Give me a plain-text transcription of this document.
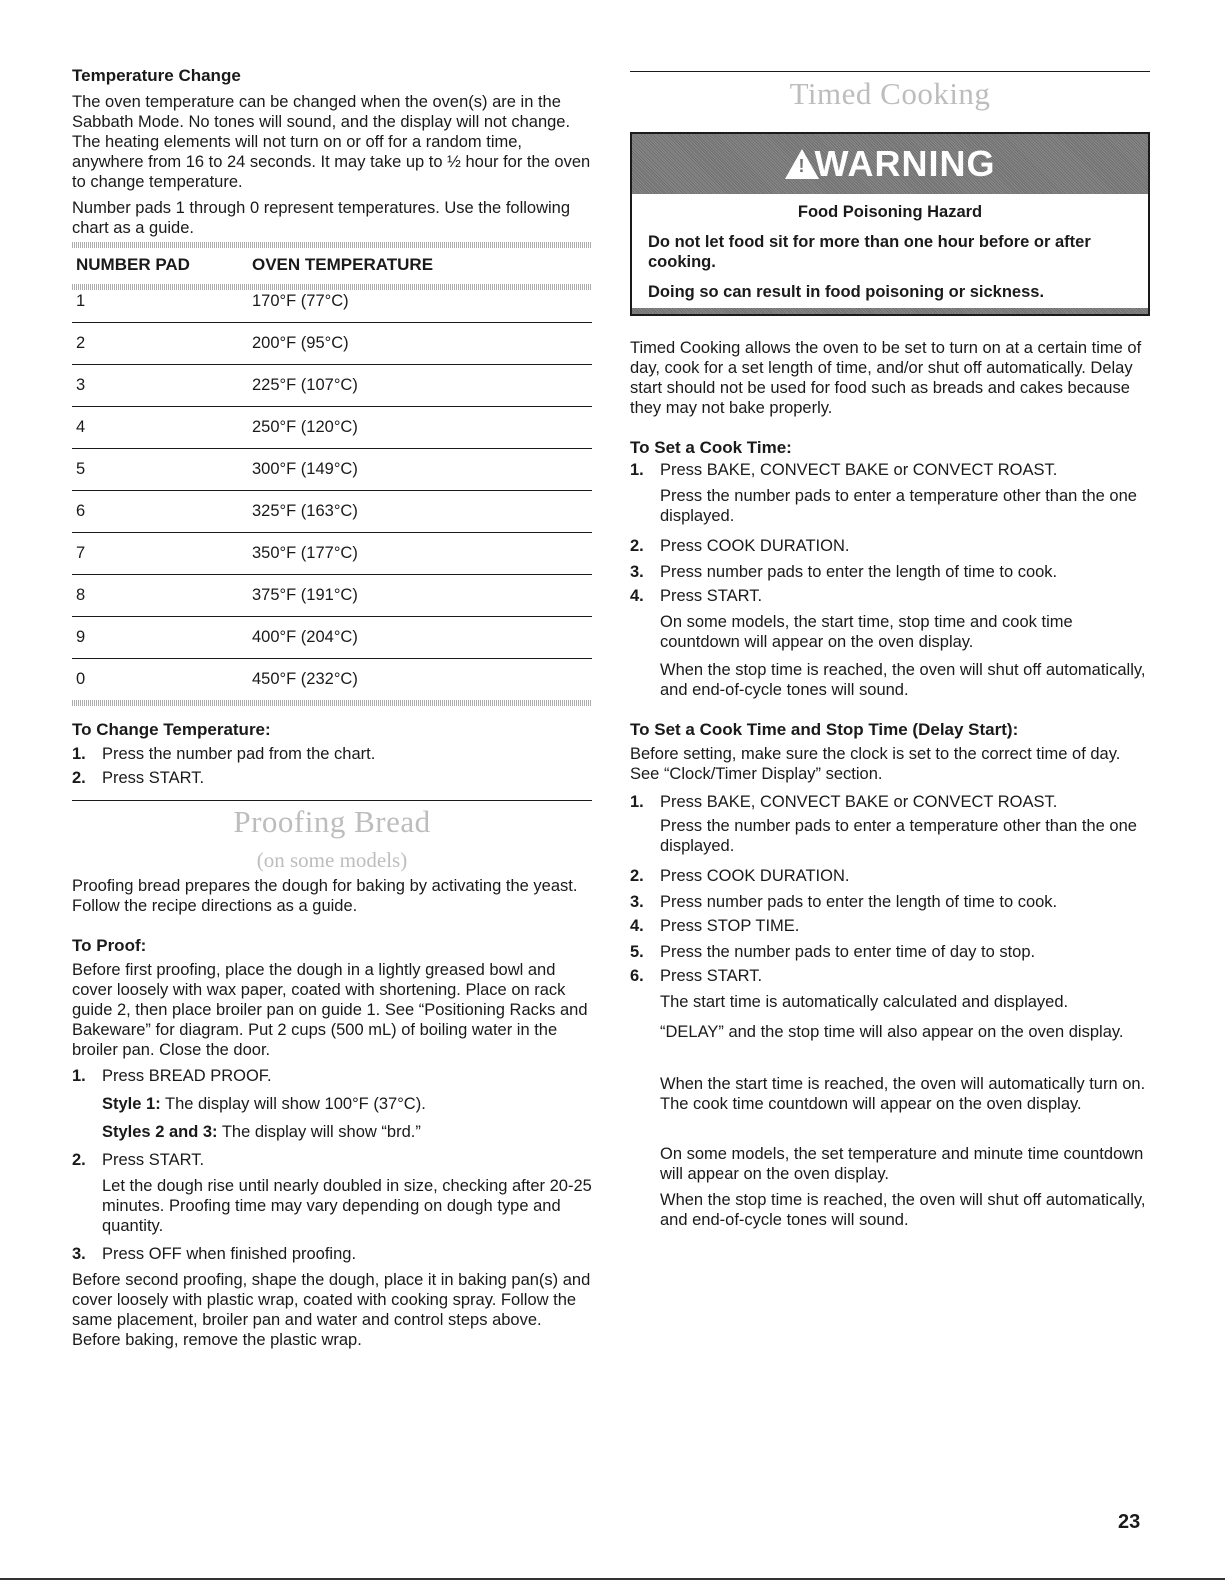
Temperature Change
The oven temperature can be changed when the oven(s) are in the Sabbath Mode. No tones will sound, and the display will not change. The heating elements will not turn on or off for a random time, anywhere from 16 to 24 seconds. It may take up to ½ hour for the oven to change temperature.
Number pads 1 through 0 represent temperatures. Use the following chart as a guide.
NUMBER PAD	OVEN TEMPERATURE
1	170°F (77°C)
2	200°F (95°C)
3	225°F (107°C)
4	250°F (120°C)
5	300°F (149°C)
6	325°F (163°C)
7	350°F (177°C)
8	375°F (191°C)
9	400°F (204°C)
0	450°F (232°C)
To Change Temperature:
1. Press the number pad from the chart.
2. Press START.
Proofing Bread
(on some models)
Proofing bread prepares the dough for baking by activating the yeast. Follow the recipe directions as a guide.
To Proof:
Before first proofing, place the dough in a lightly greased bowl and cover loosely with wax paper, coated with shortening. Place on rack guide 2, then place broiler pan on guide 1. See “Positioning Racks and Bakeware” for diagram. Put 2 cups (500 mL) of boiling water in the broiler pan. Close the door.
1. Press BREAD PROOF.
Style 1: The display will show 100°F (37°C).
Styles 2 and 3: The display will show “brd.”
2. Press START.
Let the dough rise until nearly doubled in size, checking after 20-25 minutes. Proofing time may vary depending on dough type and quantity.
3. Press OFF when finished proofing.
Before second proofing, shape the dough, place it in baking pan(s) and cover loosely with plastic wrap, coated with cooking spray. Follow the same placement, broiler pan and water and control steps above. Before baking, remove the plastic wrap.
Timed Cooking
! WARNING
Food Poisoning Hazard
Do not let food sit for more than one hour before or after cooking.
Doing so can result in food poisoning or sickness.
Timed Cooking allows the oven to be set to turn on at a certain time of day, cook for a set length of time, and/or shut off automatically. Delay start should not be used for food such as breads and cakes because they may not bake properly.
To Set a Cook Time:
1. Press BAKE, CONVECT BAKE or CONVECT ROAST.
Press the number pads to enter a temperature other than the one displayed.
2. Press COOK DURATION.
3. Press number pads to enter the length of time to cook.
4. Press START.
On some models, the start time, stop time and cook time countdown will appear on the oven display.
When the stop time is reached, the oven will shut off automatically, and end-of-cycle tones will sound.
To Set a Cook Time and Stop Time (Delay Start):
Before setting, make sure the clock is set to the correct time of day. See “Clock/Timer Display” section.
1. Press BAKE, CONVECT BAKE or CONVECT ROAST.
Press the number pads to enter a temperature other than the one displayed.
2. Press COOK DURATION.
3. Press number pads to enter the length of time to cook.
4. Press STOP TIME.
5. Press the number pads to enter time of day to stop.
6. Press START.
The start time is automatically calculated and displayed.
“DELAY” and the stop time will also appear on the oven display.
When the start time is reached, the oven will automatically turn on. The cook time countdown will appear on the oven display.
On some models, the set temperature and minute time countdown will appear on the oven display.
When the stop time is reached, the oven will shut off automatically, and end-of-cycle tones will sound.
23
